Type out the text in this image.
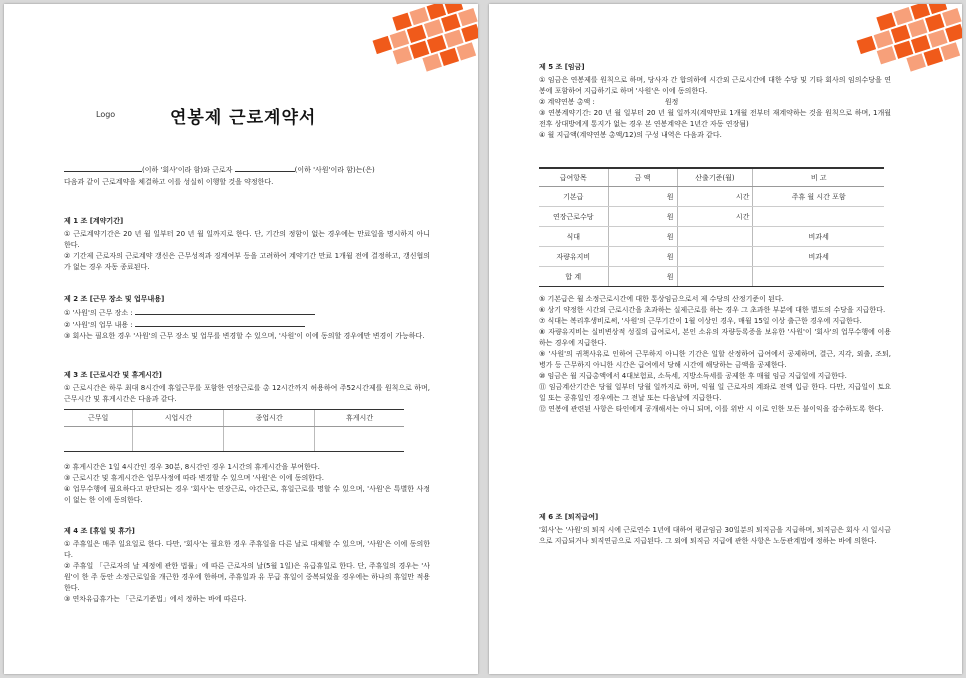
Logo	연봉제 근로계약서
(이하 '회사'이라 함)와 근로자	(이하 '사원'이라 함)는(은)
다음과 같이 근로계약을 체결하고 이를 성실히 이행할 것을 약정한다.
제 1 조 [계약기간]
① 근로계약기간은 20 년 월 일부터 20 년 월 일까지로 한다. 단, 기간의 정함이 없는 경우에는 만료일을 명시하지 아니한다.
② 기간제 근로자의 근로계약 갱신은 근무성적과 징계여부 등을 고려하여 계약기간 만료 1개월 전에 결정하고, 갱신협의가 없는 경우 자동 종료된다.
제 2 조 [근무 장소 및 업무내용]
① '사원'의 근무 장소 :
② '사원'의 업무 내용 :
③ 회사는 필요한 경우 '사원'의 근무 장소 및 업무를 변경할 수 있으며, '사원'이 이에 동의할 경우에만 변경이 가능하다.
제 3 조 [근로시간 및 휴게시간]
① 근로시간은 하루 최대 8시간에 휴일근무를 포함한 연장근로를 총 12시간까지 허용하여 주52시간제를 원칙으로 하며, 근무시간 및 휴게시간은 다음과 같다.
근무일	시업시간	종업시간	휴게시간

② 휴게시간은 1일 4시간인 경우 30분, 8시간인 경우 1시간의 휴게시간을 부여한다.
③ 근로시간 및 휴게시간은 업무사정에 따라 변경할 수 있으며 '사원'은 이에 동의한다.
④ 업무수행에 필요하다고 판단되는 경우 '회사'는 연장근로, 야간근로, 휴일근로를 명할 수 있으며, '사원'은 특별한 사정이 없는 한 이에 동의한다.
제 4 조 [휴일 및 휴가]
① 주휴일은 매주 일요일로 한다. 다만, '회사'는 필요한 경우 주휴일을 다른 날로 대체할 수 있으며, '사원'은 이에 동의한다.
② 주휴일 「근로자의 날 제정에 관한 법률」에 따른 근로자의 날(5월 1일)은 유급휴일로 한다. 단, 주휴일의 경우는 '사원'이 한 주 동안 소정근로일을 개근한 경우에 한하며, 주휴일과 유 무급 휴일이 중복되었을 경우에는 하나의 휴일만 적용한다.
③ 연차유급휴가는 「근로기준법」에서 정하는 바에 따른다.
제 5 조 [임금]
① 임금은 연봉제를 원칙으로 하며, 당사자 간 합의하에 시간외 근로시간에 대한 수당 및 기타 회사의 임의수당을 연봉에 포함하여 지급하기로 하며 '사원'은 이에 동의한다.
② 계약연봉 총액 :	원정
③ 연봉계약기간: 20 년 월 일부터 20 년 월 일까지(계약만료 1개월 전부터 재계약하는 것을 원칙으로 하며, 1개월 전후 상대방에게 통지가 없는 경우 본 연봉계약은 1년간 자동 연장됨)
④ 월 지급액(계약연봉 총액/12)의 구성 내역은 다음과 같다.
급여항목	금 액	산출기준(월)	비 고
기본급	원	시간	주휴 월 시간 포함
연장근로수당	원	시간	
식대	원		비과세
자량유지비	원		비과세
합 계	원		
⑤ 기본급은 월 소정근로시간에 대한 통상임금으로서 제 수당의 산정기준이 된다.
⑥ 상기 약정한 시간외 근로시간을 초과하는 실제근로를 하는 경우 그 초과한 부분에 대한 별도의 수당을 지급한다.
⑦ 식대는 복리후생비로써, '사원'의 근무기간이 1월 이상인 경우, 매월 15일 이상 출근한 경우에 지급한다.
⑧ 자량유지비는 실비변상적 성질의 급여로서, 본인 소유의 자량등록증을 보유한 '사원'이 '회사'의 업무수행에 이용하는 경우에 지급한다.
⑨ '사원'의 귀책사유로 인하여 근무하지 아니한 기간은 일할 산정하여 급여에서 공제하며, 결근, 지각, 외출, 조퇴, 병가 등 근무하지 아니한 시간은 급여에서 당해 시간에 해당하는 금액을 공제한다.
⑩ 임금은 월 지급총액에서 4대보험료, 소득세, 지방소득세를 공제한 후 매월 임금 지급일에 지급한다.
⑪ 임금계산기간은 당월 일부터 당월 일까지로 하며, 익월 일 근로자의 계좌로 전액 입금 한다. 다만, 지급일이 토요일 또는 공휴일인 경우에는 그 전날 또는 다음날에 지급한다.
⑫ 연봉에 관련된 사항은 타인에게 공개해서는 아니 되며, 이를 위반 시 이로 인한 모든 불이익을 감수하도록 한다.
제 6 조 [퇴직급여]
'회사'는 '사원'의 퇴직 시에 근로연수 1년에 대하여 평균임금 30일분의 퇴직금을 지급하며, 퇴직금은 회사 시 일시금으로 지급되거나 퇴직연금으로 지급된다. 그 외에 퇴직금 지급에 관한 사항은 노동관계법에 정하는 바에 의한다.
